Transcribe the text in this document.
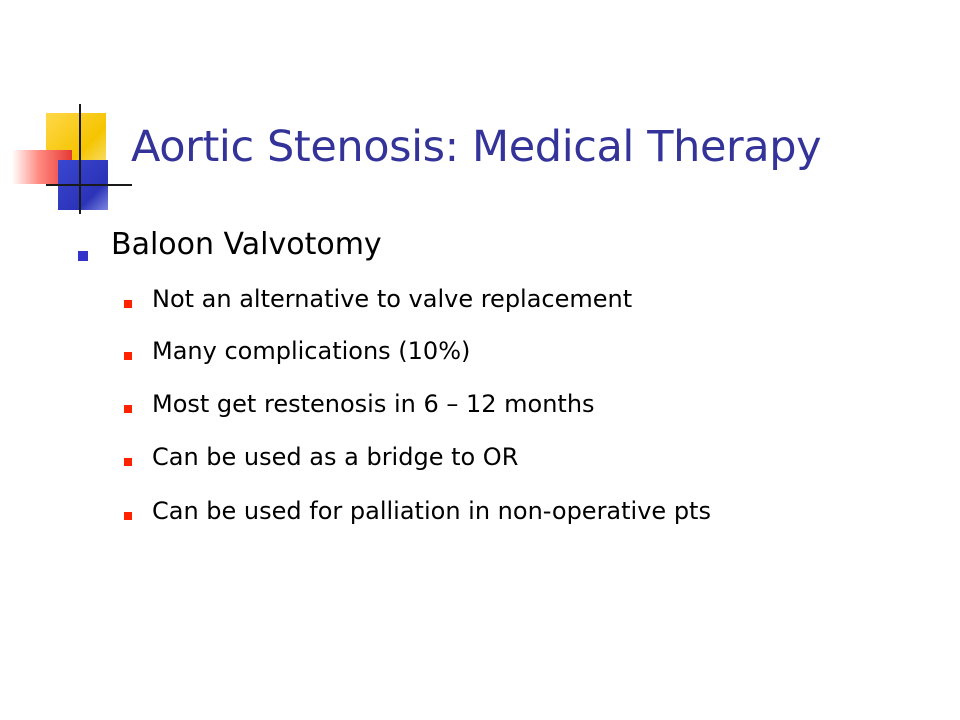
Aortic Stenosis: Medical Therapy
Baloon Valvotomy
Not an alternative to valve replacement
Many complications (10%)
Most get restenosis in 6 – 12 months
Can be used as a bridge to OR
Can be used for palliation in non-operative pts
